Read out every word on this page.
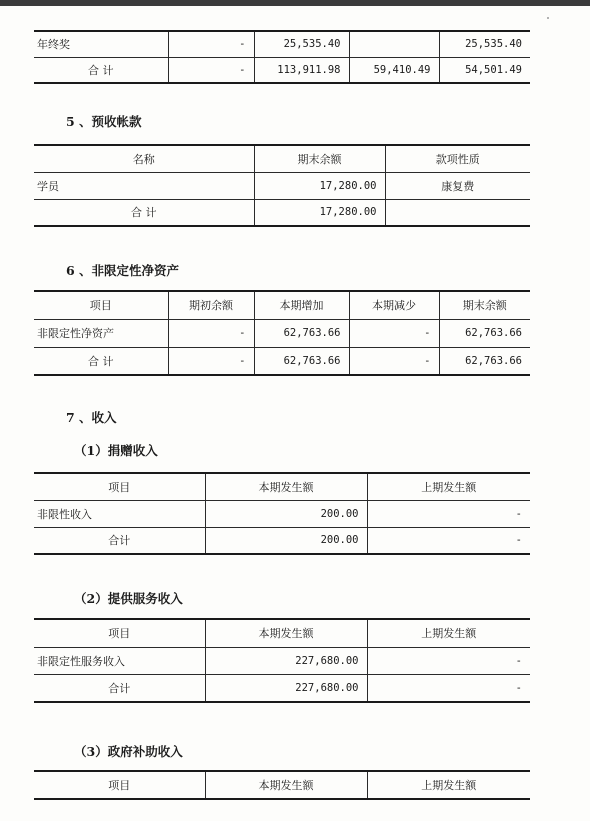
年终奖	-	25,535.40		25,535.40
合 计	-	113,911.98	59,410.49	54,501.49
5 、预收帐款
名称	期末余额	款项性质
学员	17,280.00	康复费
合 计	17,280.00	
6 、非限定性净资产
项目	期初余额	本期增加	本期减少	期末余额
非限定性净资产	-	62,763.66	-	62,763.66
合 计	-	62,763.66	-	62,763.66
7 、收入
（1）捐赠收入
项目	本期发生额	上期发生额
非限性收入	200.00	-
合计	200.00	-
（2）提供服务收入
项目	本期发生额	上期发生额
非限定性服务收入	227,680.00	-
合计	227,680.00	-
（3）政府补助收入
项目	本期发生额	上期发生额
